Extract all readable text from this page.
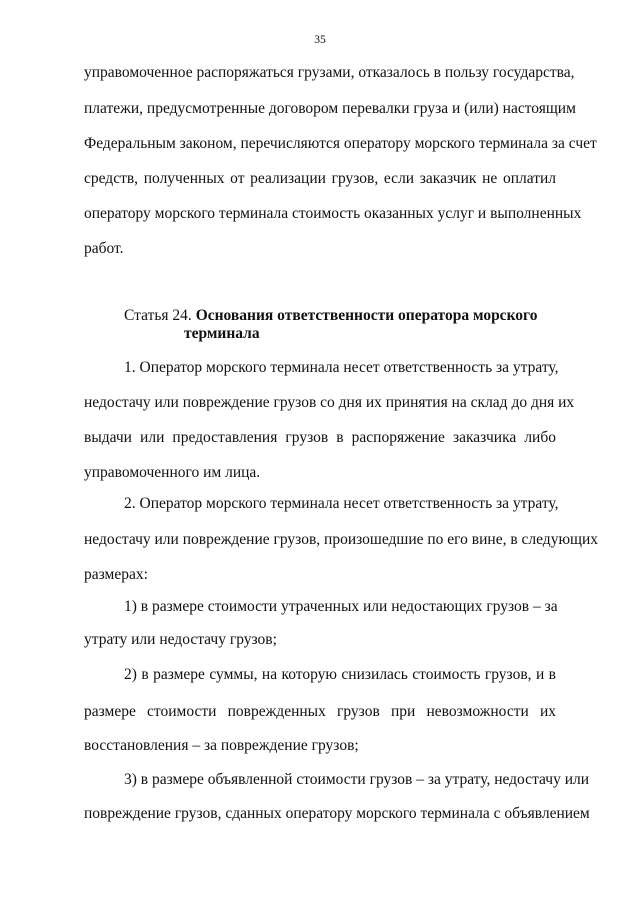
35
управомоченное распоряжаться грузами, отказалось в пользу государства,
платежи, предусмотренные договором перевалки груза и (или) настоящим
Федеральным законом, перечисляются оператору морского терминала за счет
средств, полученных от реализации грузов, если заказчик не оплатил
оператору морского терминала стоимость оказанных услуг и выполненных
работ.
Статья 24. Основания ответственности оператора морского
терминала
1. Оператор морского терминала несет ответственность за утрату,
недостачу или повреждение грузов со дня их принятия на склад до дня их
выдачи или предоставления грузов в распоряжение заказчика либо
управомоченного им лица.
2. Оператор морского терминала несет ответственность за утрату,
недостачу или повреждение грузов, произошедшие по его вине, в следующих
размерах:
1) в размере стоимости утраченных или недостающих грузов – за
утрату или недостачу грузов;
2) в размере суммы, на которую снизилась стоимость грузов, и в
размере стоимости поврежденных грузов при невозможности их
восстановления – за повреждение грузов;
3) в размере объявленной стоимости грузов – за утрату, недостачу или
повреждение грузов, сданных оператору морского терминала с объявлением
